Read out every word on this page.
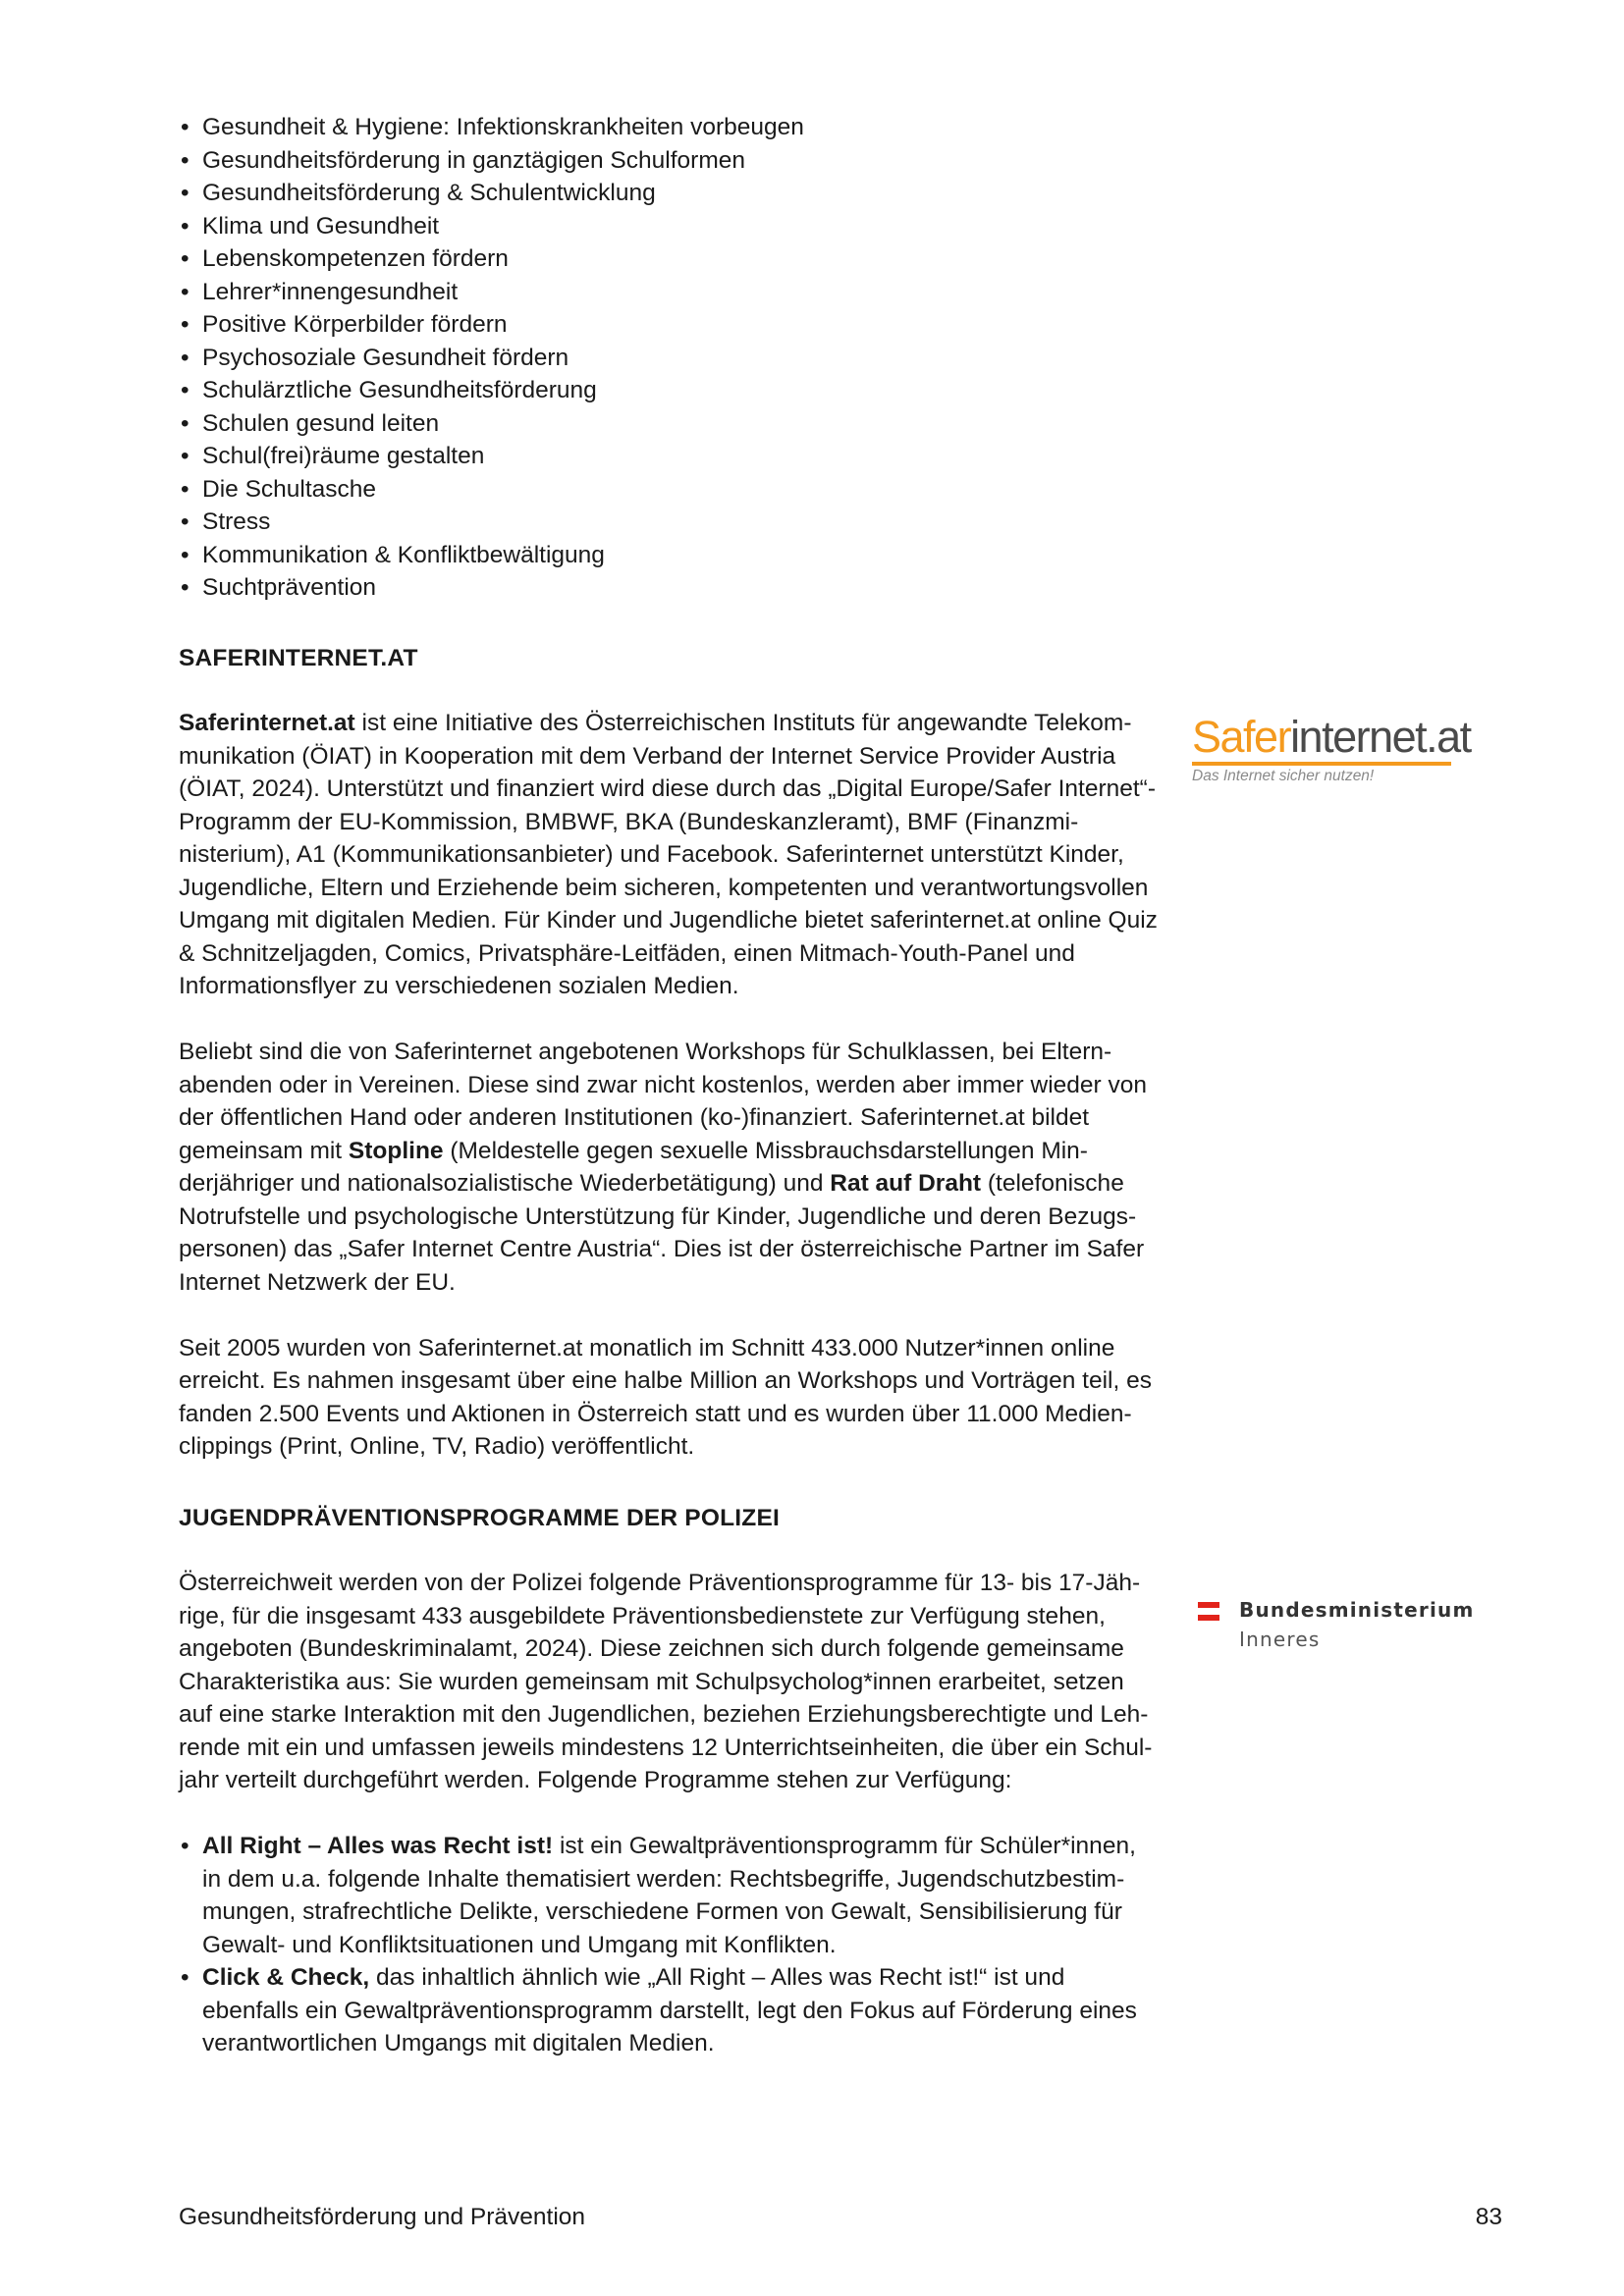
• Gesundheit & Hygiene: Infektionskrankheiten vorbeugen
• Gesundheitsförderung in ganztägigen Schulformen
• Gesundheitsförderung & Schulentwicklung
• Klima und Gesundheit
• Lebenskompetenzen fördern
• Lehrer*innengesundheit
• Positive Körperbilder fördern
• Psychosoziale Gesundheit fördern
• Schulärztliche Gesundheitsförderung
• Schulen gesund leiten
• Schul(frei)räume gestalten
• Die Schultasche
• Stress
• Kommunikation & Konfliktbewältigung
• Suchtprävention
SAFERINTERNET.AT

Saferinternet.at ist eine Initiative des Österreichischen Instituts für angewandte Telekommunikation (ÖIAT) in Kooperation mit dem Verband der Internet Service Provider Austria (ÖIAT, 2024). Unterstützt und finanziert wird diese durch das „Digital Europe/Safer Internet“-Programm der EU-Kommission, BMBWF, BKA (Bundeskanzleramt), BMF (Finanzministerium), A1 (Kommunikationsanbieter) und Facebook. Saferinternet unterstützt Kinder, Jugendliche, Eltern und Erziehende beim sicheren, kompetenten und verantwortungsvollen Umgang mit digitalen Medien. Für Kinder und Jugendliche bietet saferinternet.at online Quiz & Schnitzeljagden, Comics, Privatsphäre-Leitfäden, einen Mitmach-Youth-Panel und Informationsflyer zu verschiedenen sozialen Medien.

Beliebt sind die von Saferinternet angebotenen Workshops für Schulklassen, bei Elternabenden oder in Vereinen. Diese sind zwar nicht kostenlos, werden aber immer wieder von der öffentlichen Hand oder anderen Institutionen (ko-)finanziert. Saferinternet.at bildet gemeinsam mit Stopline (Meldestelle gegen sexuelle Missbrauchsdarstellungen Minderjähriger und nationalsozialistische Wiederbetätigung) und Rat auf Draht (telefonische Notrufstelle und psychologische Unterstützung für Kinder, Jugendliche und deren Bezugspersonen) das „Safer Internet Centre Austria“. Dies ist der österreichische Partner im Safer Internet Netzwerk der EU.

Seit 2005 wurden von Saferinternet.at monatlich im Schnitt 433.000 Nutzer*innen online erreicht. Es nahmen insgesamt über eine halbe Million an Workshops und Vorträgen teil, es fanden 2.500 Events und Aktionen in Österreich statt und es wurden über 11.000 Medienclippings (Print, Online, TV, Radio) veröffentlicht.

JUGENDPRÄVENTIONSPROGRAMME DER POLIZEI

Österreichweit werden von der Polizei folgende Präventionsprogramme für 13- bis 17-Jährige, für die insgesamt 433 ausgebildete Präventionsbedienstete zur Verfügung stehen, angeboten (Bundeskriminalamt, 2024). Diese zeichnen sich durch folgende gemeinsame Charakteristika aus: Sie wurden gemeinsam mit Schulpsycholog*innen erarbeitet, setzen auf eine starke Interaktion mit den Jugendlichen, beziehen Erziehungsberechtigte und Lehrende mit ein und umfassen jeweils mindestens 12 Unterrichtseinheiten, die über ein Schuljahr verteilt durchgeführt werden. Folgende Programme stehen zur Verfügung:

• All Right – Alles was Recht ist! ist ein Gewaltpräventionsprogramm für Schüler*innen, in dem u.a. folgende Inhalte thematisiert werden: Rechtsbegriffe, Jugendschutzbestimmungen, strafrechtliche Delikte, verschiedene Formen von Gewalt, Sensibilisierung für Gewalt- und Konfliktsituationen und Umgang mit Konflikten.
• Click & Check, das inhaltlich ähnlich wie „All Right – Alles was Recht ist!“ ist und ebenfalls ein Gewaltpräventionsprogramm darstellt, legt den Fokus auf Förderung eines verantwortlichen Umgangs mit digitalen Medien.
Saferinternet.at
Das Internet sicher nutzen!
Bundesministerium
Inneres
Gesundheitsförderung und Prävention	83
